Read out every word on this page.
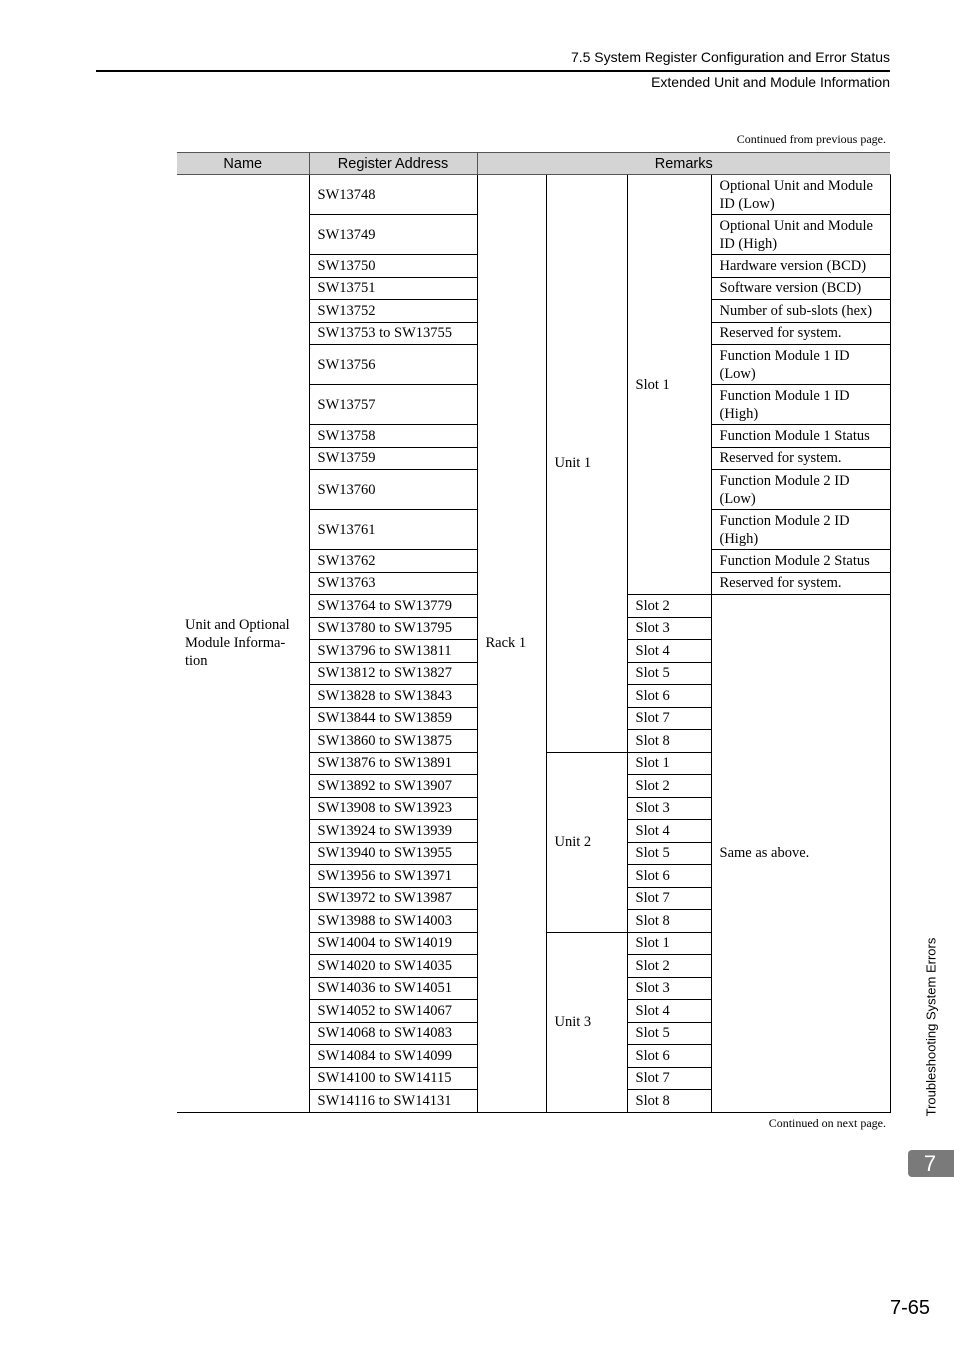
7.5 System Register Configuration and Error Status
Extended Unit and Module Information
Continued from previous page.
Name	Register Address	Remarks			
Unit and Optional Module Informa-tion	SW13748	Rack 1	Unit 1	Slot 1	Optional Unit and Module ID (Low)
	SW13749				Optional Unit and Module ID (High)
	SW13750				Hardware version (BCD)
	SW13751				Software version (BCD)
	SW13752				Number of sub-slots (hex)
	SW13753 to SW13755				Reserved for system.
	SW13756				Function Module 1 ID (Low)
	SW13757				Function Module 1 ID (High)
	SW13758				Function Module 1 Status
	SW13759				Reserved for system.
	SW13760				Function Module 2 ID (Low)
	SW13761				Function Module 2 ID (High)
	SW13762				Function Module 2 Status
	SW13763				Reserved for system.
	SW13764 to SW13779			Slot 2	Same as above.
	SW13780 to SW13795			Slot 3	
	SW13796 to SW13811			Slot 4	
	SW13812 to SW13827			Slot 5	
	SW13828 to SW13843			Slot 6	
	SW13844 to SW13859			Slot 7	
	SW13860 to SW13875			Slot 8	
	SW13876 to SW13891		Unit 2	Slot 1	
	SW13892 to SW13907			Slot 2	
	SW13908 to SW13923			Slot 3	
	SW13924 to SW13939			Slot 4	
	SW13940 to SW13955			Slot 5	
	SW13956 to SW13971			Slot 6	
	SW13972 to SW13987			Slot 7	
	SW13988 to SW14003			Slot 8	
	SW14004 to SW14019		Unit 3	Slot 1	
	SW14020 to SW14035			Slot 2	
	SW14036 to SW14051			Slot 3	
	SW14052 to SW14067			Slot 4	
	SW14068 to SW14083			Slot 5	
	SW14084 to SW14099			Slot 6	
	SW14100 to SW14115			Slot 7	
	SW14116 to SW14131			Slot 8	
Continued on next page.
Troubleshooting System Errors
7
7-65
